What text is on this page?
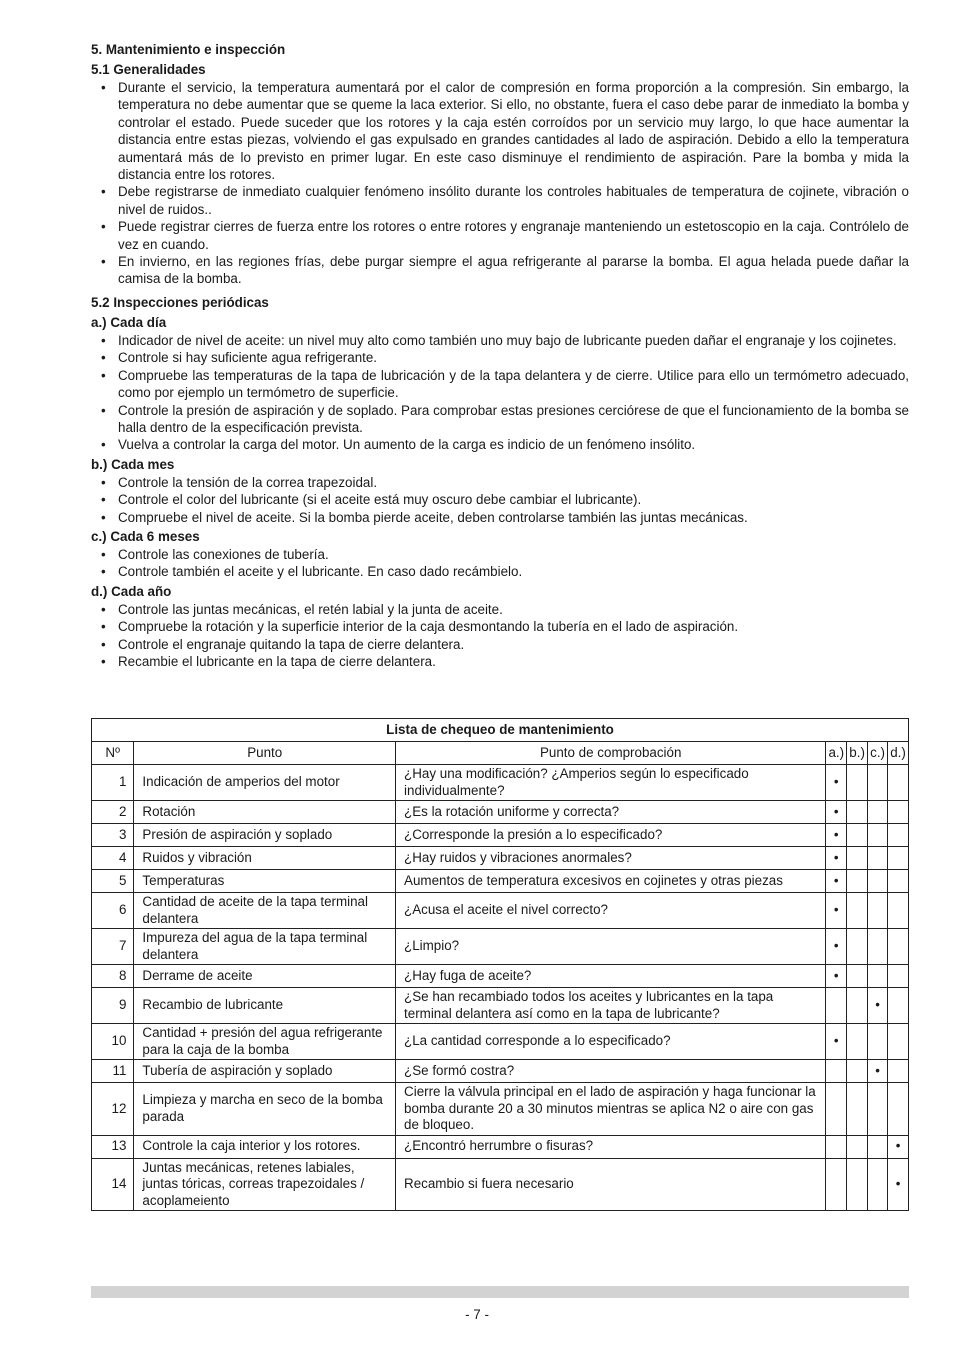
5. Mantenimiento e inspección
5.1 Generalidades
• Durante el servicio, la temperatura aumentará por el calor de compresión en forma proporción a la compresión. Sin embargo, la temperatura no debe aumentar que se queme la laca exterior. Si ello, no obstante, fuera el caso debe parar de inmediato la bomba y controlar el estado. Puede suceder que los rotores y la caja estén corroídos por un servicio muy largo, lo que hace aumentar la distancia entre estas piezas, volviendo el gas expulsado en grandes cantidades al lado de aspiración. Debido a ello la temperatura aumentará más de lo previsto en primer lugar. En este caso disminuye el rendimiento de aspiración. Pare la bomba y mida la distancia entre los rotores.
• Debe registrarse de inmediato cualquier fenómeno insólito durante los controles habituales de temperatura de cojinete, vibración o nivel de ruidos..
• Puede registrar cierres de fuerza entre los rotores o entre rotores y engranaje manteniendo un estetoscopio en la caja. Contrólelo de vez en cuando.
• En invierno, en las regiones frías, debe purgar siempre el agua refrigerante al pararse la bomba. El agua helada puede dañar la camisa de la bomba.
5.2 Inspecciones periódicas
a.) Cada día
• Indicador de nivel de aceite: un nivel muy alto como también uno muy bajo de lubricante pueden dañar el engranaje y los cojinetes.
• Controle si hay suficiente agua refrigerante.
• Compruebe las temperaturas de la tapa de lubricación y de la tapa delantera y de cierre. Utilice para ello un termómetro adecuado, como por ejemplo un termómetro de superficie.
• Controle la presión de aspiración y de soplado. Para comprobar estas presiones cerciórese de que el funcionamiento de la bomba se halla dentro de la especificación prevista.
• Vuelva a controlar la carga del motor. Un aumento de la carga es indicio de un fenómeno insólito.
b.) Cada mes
• Controle la tensión de la correa trapezoidal.
• Controle el color del lubricante (si el aceite está muy oscuro debe cambiar el lubricante).
• Compruebe el nivel de aceite. Si la bomba pierde aceite, deben controlarse también las juntas mecánicas.
c.) Cada 6 meses
• Controle las conexiones de tubería.
• Controle también el aceite y el lubricante. En caso dado recámbielo.
d.) Cada año
• Controle las juntas mecánicas, el retén labial y la junta de aceite.
• Compruebe la rotación y la superficie interior de la caja desmontando la tubería en el lado de aspiración.
• Controle el engranaje quitando la tapa de cierre delantera.
• Recambie el lubricante en la tapa de cierre delantera.
Lista de chequeo de mantenimiento						
Nº	Punto	Punto de comprobación	a.)	b.)	c.)	d.)
1	Indicación de amperios del motor	¿Hay una modificación? ¿Amperios según lo especificado individualmente?	•			
2	Rotación	¿Es la rotación uniforme y correcta?	•			
3	Presión de aspiración y soplado	¿Corresponde la presión a lo especificado?	•			
4	Ruidos y vibración	¿Hay ruidos y vibraciones anormales?	•			
5	Temperaturas	Aumentos de temperatura excesivos en cojinetes y otras piezas	•			
6	Cantidad de aceite de la tapa terminal delantera	¿Acusa el aceite el nivel correcto?	•			
7	Impureza del agua de la tapa terminal delantera	¿Limpio?	•			
8	Derrame de aceite	¿Hay fuga de aceite?	•			
9	Recambio de lubricante	¿Se han recambiado todos los aceites y lubricantes en la tapa terminal delantera así como en la tapa de lubricante?			•	
10	Cantidad + presión del agua refrigerante para la caja de la bomba	¿La cantidad corresponde a lo especificado?	•			
11	Tubería de aspiración y soplado	¿Se formó costra?			•	
12	Limpieza y marcha en seco de la bomba parada	Cierre la válvula principal en el lado de aspiración y haga funcionar la bomba durante 20 a 30 minutos mientras se aplica N2 o aire con gas de bloqueo.				
13	Controle la caja interior y los rotores.	¿Encontró herrumbre o fisuras?				•
14	Juntas mecánicas, retenes labiales, juntas tóricas, correas trapezoidales / acoplameiento	Recambio si fuera necesario				•
- 7 -
